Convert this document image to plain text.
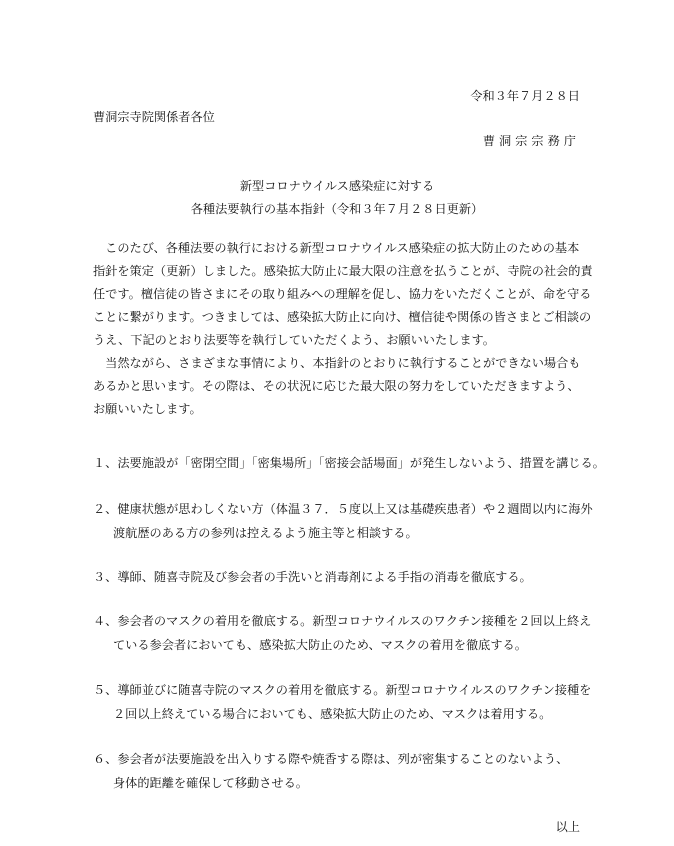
令和３年７月２８日
曹洞宗寺院関係者各位
曹洞宗宗務庁
新型コロナウイルス感染症に対する
各種法要執行の基本指針（令和３年７月２８日更新）
　このたび、各種法要の執行における新型コロナウイルス感染症の拡大防止のための基本
指針を策定（更新）しました。感染拡大防止に最大限の注意を払うことが、寺院の社会的責
任です。檀信徒の皆さまにその取り組みへの理解を促し、協力をいただくことが、命を守る
ことに繋がります。つきましては、感染拡大防止に向け、檀信徒や関係の皆さまとご相談の
うえ、下記のとおり法要等を執行していただくよう、お願いいたします。
　当然ながら、さまざまな事情により、本指針のとおりに執行することができない場合も
あるかと思います。その際は、その状況に応じた最大限の努力をしていただきますよう、
お願いいたします。
１、法要施設が「密閉空間」「密集場所」「密接会話場面」が発生しないよう、措置を講じる。
２、健康状態が思わしくない方（体温３７．５度以上又は基礎疾患者）や２週間以内に海外
渡航歴のある方の参列は控えるよう施主等と相談する。
３、導師、随喜寺院及び参会者の手洗いと消毒剤による手指の消毒を徹底する。
４、参会者のマスクの着用を徹底する。新型コロナウイルスのワクチン接種を２回以上終え
ている参会者においても、感染拡大防止のため、マスクの着用を徹底する。
５、導師並びに随喜寺院のマスクの着用を徹底する。新型コロナウイルスのワクチン接種を
２回以上終えている場合においても、感染拡大防止のため、マスクは着用する。
６、参会者が法要施設を出入りする際や焼香する際は、列が密集することのないよう、
身体的距離を確保して移動させる。
以上
